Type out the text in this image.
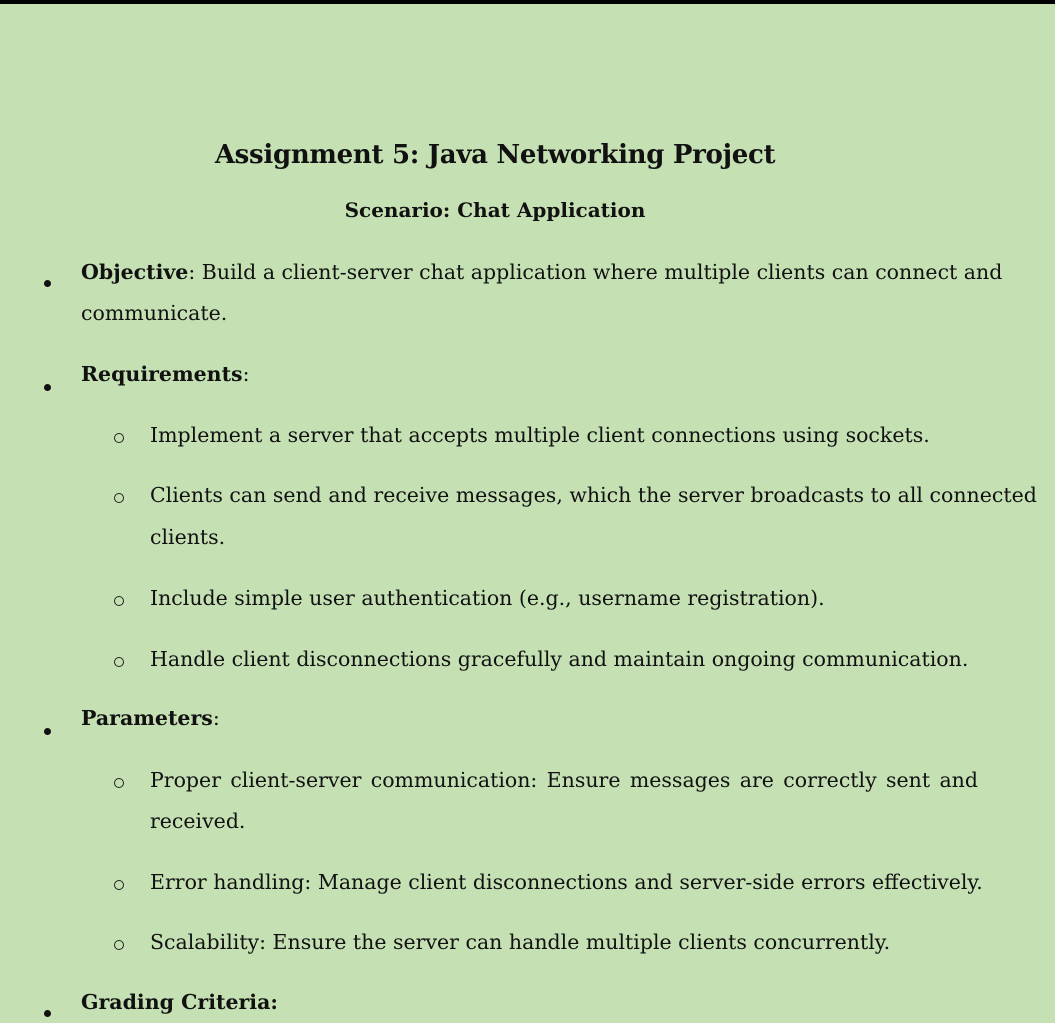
Assignment 5: Java Networking Project
Scenario: Chat Application
Objective: Build a client-server chat application where multiple clients can connect and
communicate.
Requirements:
Implement a server that accepts multiple client connections using sockets.
Clients can send and receive messages, which the server broadcasts to all connected
clients.
Include simple user authentication (e.g., username registration).
Handle client disconnections gracefully and maintain ongoing communication.
Parameters:
Proper client-server communication: Ensure messages are correctly sent and
received.
Error handling: Manage client disconnections and server-side errors effectively.
Scalability: Ensure the server can handle multiple clients concurrently.
Grading Criteria:
